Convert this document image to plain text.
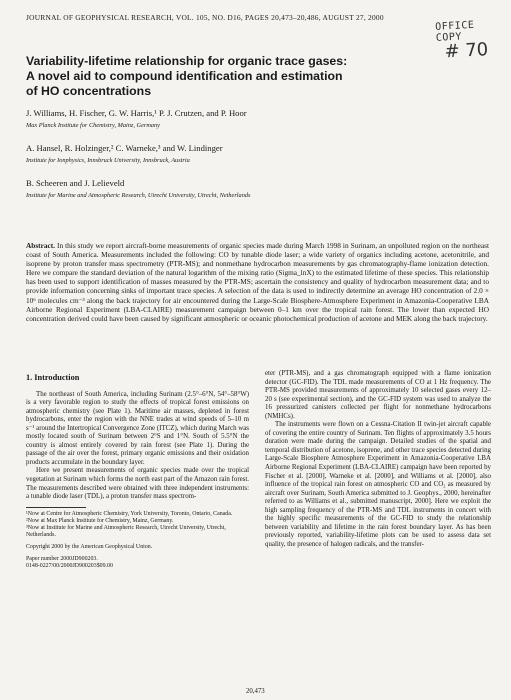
JOURNAL OF GEOPHYSICAL RESEARCH, VOL. 105, NO. D16, PAGES 20,473–20,486, AUGUST 27, 2000
OFFICE COPY
# 70
Variability-lifetime relationship for organic trace gases:
A novel aid to compound identification and estimation
of HO concentrations
J. Williams, H. Fischer, G. W. Harris,¹ P. J. Crutzen, and P. Hoor
Max Planck Institute for Chemistry, Mainz, Germany
A. Hansel, R. Holzinger,² C. Warneke,³ and W. Lindinger
Institute for Ionphysics, Innsbruck University, Innsbruck, Austria
B. Scheeren and J. Lelieveld
Institute for Marine and Atmospheric Research, Utrecht University, Utrecht, Netherlands
Abstract. In this study we report aircraft-borne measurements of organic species made during March 1998 in Surinam, an unpolluted region on the northeast coast of South America. Measurements included the following: CO by tunable diode laser; a wide variety of organics including acetone, acetonitrile, and isoprene by proton transfer mass spectrometry (PTR-MS); and nonmethane hydrocarbon measurements by gas chromatography-flame ionization detection. Here we compare the standard deviation of the natural logarithm of the mixing ratio (Sigma_lnX) to the estimated lifetime of these species. This relationship has been used to support identification of masses measured by the PTR-MS; ascertain the consistency and quality of hydrocarbon measurement data; and to provide information concerning sinks of important trace species. A selection of the data is used to indirectly determine an average HO concentration of 2.0 × 10⁶ molecules cm⁻³ along the back trajectory for air encountered during the Large-Scale Biosphere-Atmosphere Experiment in Amazonia-Cooperative LBA Airborne Regional Experiment (LBA-CLAIRE) measurement campaign between 0–1 km over the tropical rain forest. The lower than expected HO concentration derived could have been caused by significant atmospheric or oceanic photochemical production of acetone and MEK along the back trajectory.
1. Introduction

The northeast of South America, including Surinam (2.5°–6°N, 54°–58°W) is a very favorable region to study the effects of tropical forest emissions on atmospheric chemistry (see Plate 1). Maritime air masses, depleted in forest hydrocarbons, enter the region with the NNE trades at wind speeds of 5–10 m s⁻¹ around the Intertropical Convergence Zone (ITCZ), which during March was mostly located south of Surinam between 2°S and 1°N. South of 5.5°N the country is almost entirely covered by rain forest (see Plate 1). During the passage of the air over the forest, primary organic emissions and their oxidation products accumulate in the boundary layer.

Here we present measurements of organic species made over the tropical vegetation at Surinam which forms the north east part of the Amazon rain forest. The measurements described were obtained with three independent instruments: a tunable diode laser (TDL), a proton transfer mass spectrom-

¹Now at Centre for Atmospheric Chemistry, York University, Toronto, Ontario, Canada.

²Now at Max Planck Institute for Chemistry, Mainz, Germany.

³Now at Institute for Marine and Atmospheric Research, Utrecht University, Utrecht, Netherlands.

Copyright 2000 by the American Geophysical Union.

Paper number 2000JD900203.

0148-0227/00/2000JD900203$09.00

eter (PTR-MS), and a gas chromatograph equipped with a flame ionization detector (GC-FID). The TDL made measurements of CO at 1 Hz frequency. The PTR-MS provided measurements of approximately 10 selected gases every 12–20 s (see experimental section), and the GC-FID system was used to analyze the 16 pressurized canisters collected per flight for nonmethane hydrocarbons (NMHCs).

The instruments were flown on a Cessna-Citation II twin-jet aircraft capable of covering the entire country of Surinam. Ten flights of approximately 3.5 hours duration were made during the campaign. Detailed studies of the spatial and temporal distribution of acetone, isoprene, and other trace species detected during Large-Scale Biosphere Atmosphere Experiment in Amazonia-Cooperative LBA Airborne Regional Experiment (LBA-CLAIRE) campaign have been reported by Fischer et al. [2000], Warneke et al. [2000], and Williams et al. [2000], also influence of the tropical rain forest on atmospheric CO and CO₂ as measured by aircraft over Surinam, South America submitted to J. Geophys., 2000, hereinafter referred to as Williams et al., submitted manuscript, 2000]. Here we exploit the high sampling frequency of the PTR-MS and TDL instruments in concert with the highly specific measurements of the GC-FID to study the relationship between variability and lifetime in the rain forest boundary layer. As has been previously reported, variability-lifetime plots can be used to assess data set quality, the presence of halogen radicals, and the transfer-

20,473
